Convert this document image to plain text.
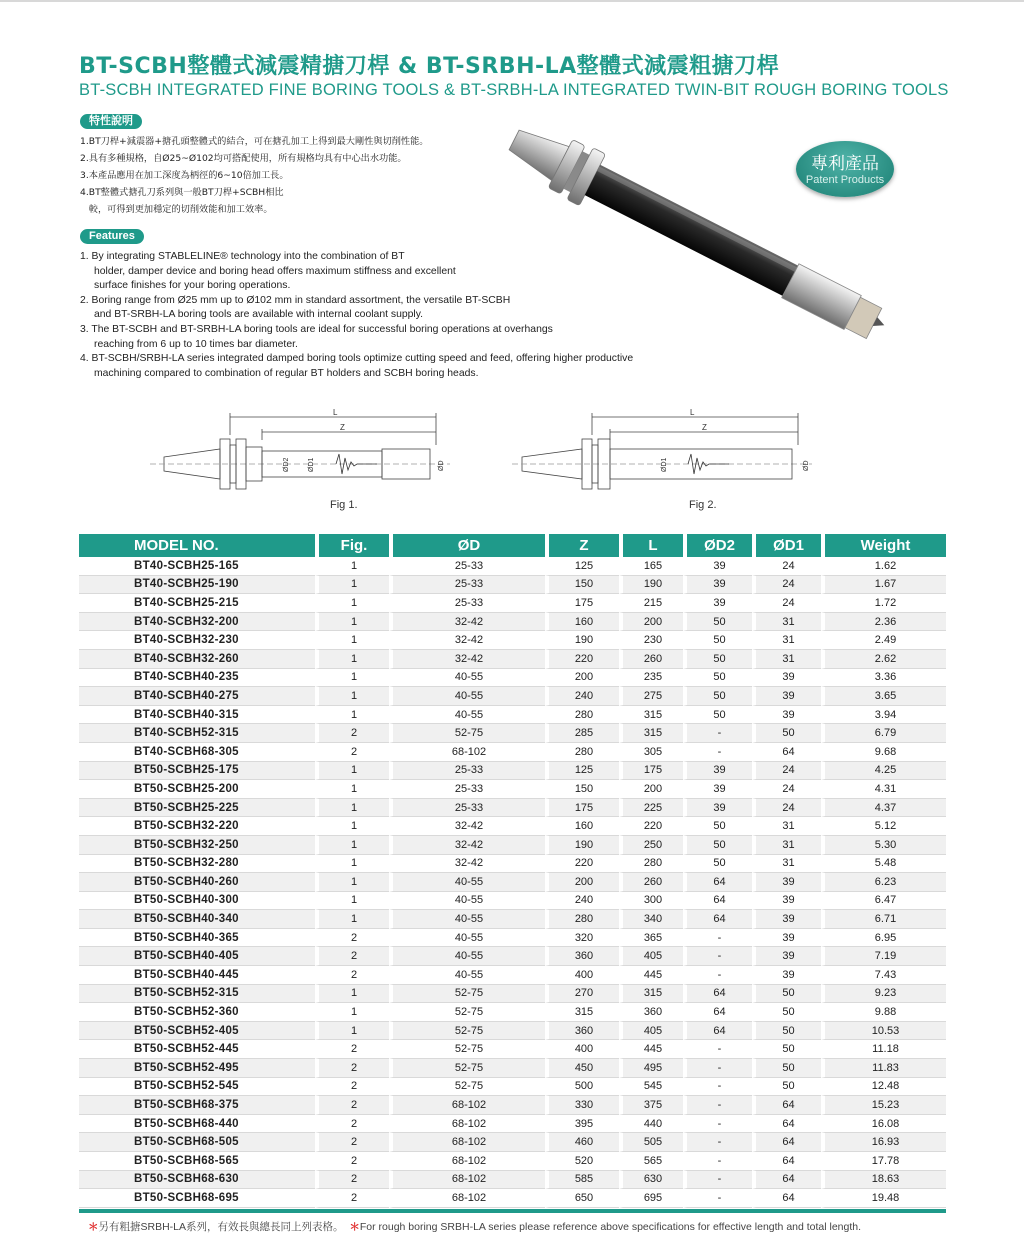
BT-SCBH整體式減震精搪刀桿 & BT-SRBH-LA整體式減震粗搪刀桿
BT-SCBH INTEGRATED FINE BORING TOOLS & BT-SRBH-LA INTEGRATED TWIN-BIT ROUGH BORING TOOLS
特性說明
1.BT刀桿+減震器+搪孔頭整體式的結合，可在搪孔加工上得到最大剛性與切削性能。
2.具有多種規格，自Ø25~Ø102均可搭配使用，所有規格均具有中心出水功能。
3.本產品應用在加工深度為柄徑的6~10倍加工長。
4.BT整體式搪孔刀系列與一般BT刀桿+SCBH相比
較，可得到更加穩定的切削效能和加工效率。
Features
1. By integrating STABLELINE® technology into the combination of BT
holder, damper device and boring head offers maximum stiffness and excellent
surface finishes for your boring operations.
2. Boring range from Ø25 mm up to Ø102 mm in standard assortment, the versatile BT-SCBH
and BT-SRBH-LA boring tools are available with internal coolant supply.
3. The BT-SCBH and BT-SRBH-LA boring tools are ideal for successful boring operations at overhangs
reaching from 6 up to 10 times bar diameter.
4. BT-SCBH/SRBH-LA series integrated damped boring tools optimize cutting speed and feed, offering higher productive
machining compared to combination of regular BT holders and SCBH boring heads.
專利產品
Patent Products
L
Z
ØD2	ØD1	ØD
Fig 1.
L
Z
ØD1	ØD
Fig 2.
MODEL NO.	Fig.	ØD	Z	L	ØD2	ØD1	Weight
BT40-SCBH25-165	1	25-33	125	165	39	24	1.62
BT40-SCBH25-190	1	25-33	150	190	39	24	1.67
BT40-SCBH25-215	1	25-33	175	215	39	24	1.72
BT40-SCBH32-200	1	32-42	160	200	50	31	2.36
BT40-SCBH32-230	1	32-42	190	230	50	31	2.49
BT40-SCBH32-260	1	32-42	220	260	50	31	2.62
BT40-SCBH40-235	1	40-55	200	235	50	39	3.36
BT40-SCBH40-275	1	40-55	240	275	50	39	3.65
BT40-SCBH40-315	1	40-55	280	315	50	39	3.94
BT40-SCBH52-315	2	52-75	285	315	-	50	6.79
BT40-SCBH68-305	2	68-102	280	305	-	64	9.68
BT50-SCBH25-175	1	25-33	125	175	39	24	4.25
BT50-SCBH25-200	1	25-33	150	200	39	24	4.31
BT50-SCBH25-225	1	25-33	175	225	39	24	4.37
BT50-SCBH32-220	1	32-42	160	220	50	31	5.12
BT50-SCBH32-250	1	32-42	190	250	50	31	5.30
BT50-SCBH32-280	1	32-42	220	280	50	31	5.48
BT50-SCBH40-260	1	40-55	200	260	64	39	6.23
BT50-SCBH40-300	1	40-55	240	300	64	39	6.47
BT50-SCBH40-340	1	40-55	280	340	64	39	6.71
BT50-SCBH40-365	2	40-55	320	365	-	39	6.95
BT50-SCBH40-405	2	40-55	360	405	-	39	7.19
BT50-SCBH40-445	2	40-55	400	445	-	39	7.43
BT50-SCBH52-315	1	52-75	270	315	64	50	9.23
BT50-SCBH52-360	1	52-75	315	360	64	50	9.88
BT50-SCBH52-405	1	52-75	360	405	64	50	10.53
BT50-SCBH52-445	2	52-75	400	445	-	50	11.18
BT50-SCBH52-495	2	52-75	450	495	-	50	11.83
BT50-SCBH52-545	2	52-75	500	545	-	50	12.48
BT50-SCBH68-375	2	68-102	330	375	-	64	15.23
BT50-SCBH68-440	2	68-102	395	440	-	64	16.08
BT50-SCBH68-505	2	68-102	460	505	-	64	16.93
BT50-SCBH68-565	2	68-102	520	565	-	64	17.78
BT50-SCBH68-630	2	68-102	585	630	-	64	18.63
BT50-SCBH68-695	2	68-102	650	695	-	64	19.48
＊另有粗搪SRBH-LA系列，有效長與總長同上列表格。 ＊For rough boring SRBH-LA series please reference above specifications for effective length and total length.
